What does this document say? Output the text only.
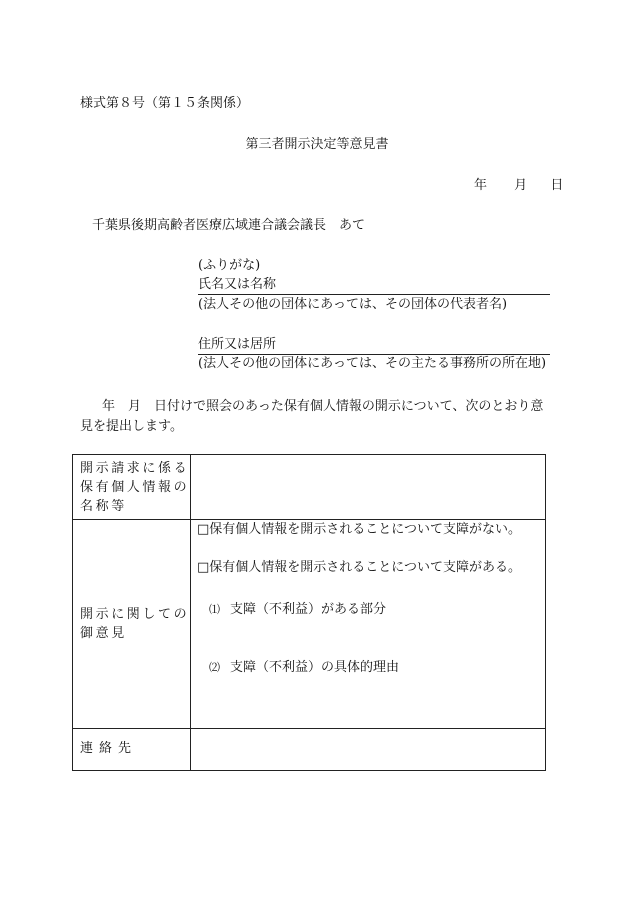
様式第８号（第１５条関係）
第三者開示決定等意見書
年 月 日
千葉県後期高齢者医療広域連合議会議長　あて
(ふりがな)
氏名又は名称
(法人その他の団体にあっては、その団体の代表者名)
住所又は居所
(法人その他の団体にあっては、その主たる事務所の所在地)
年　月　日付けで照会のあった保有個人情報の開示について、次のとおり意見を提出します。
開示請求に係る保有個人情報の名称等	
開示に関しての御意見	□保有個人情報を開示されることについて支障がない。
□保有個人情報を開示されることについて支障がある。
⑴ 支障（不利益）がある部分
⑵ 支障（不利益）の具体的理由

連絡先	
